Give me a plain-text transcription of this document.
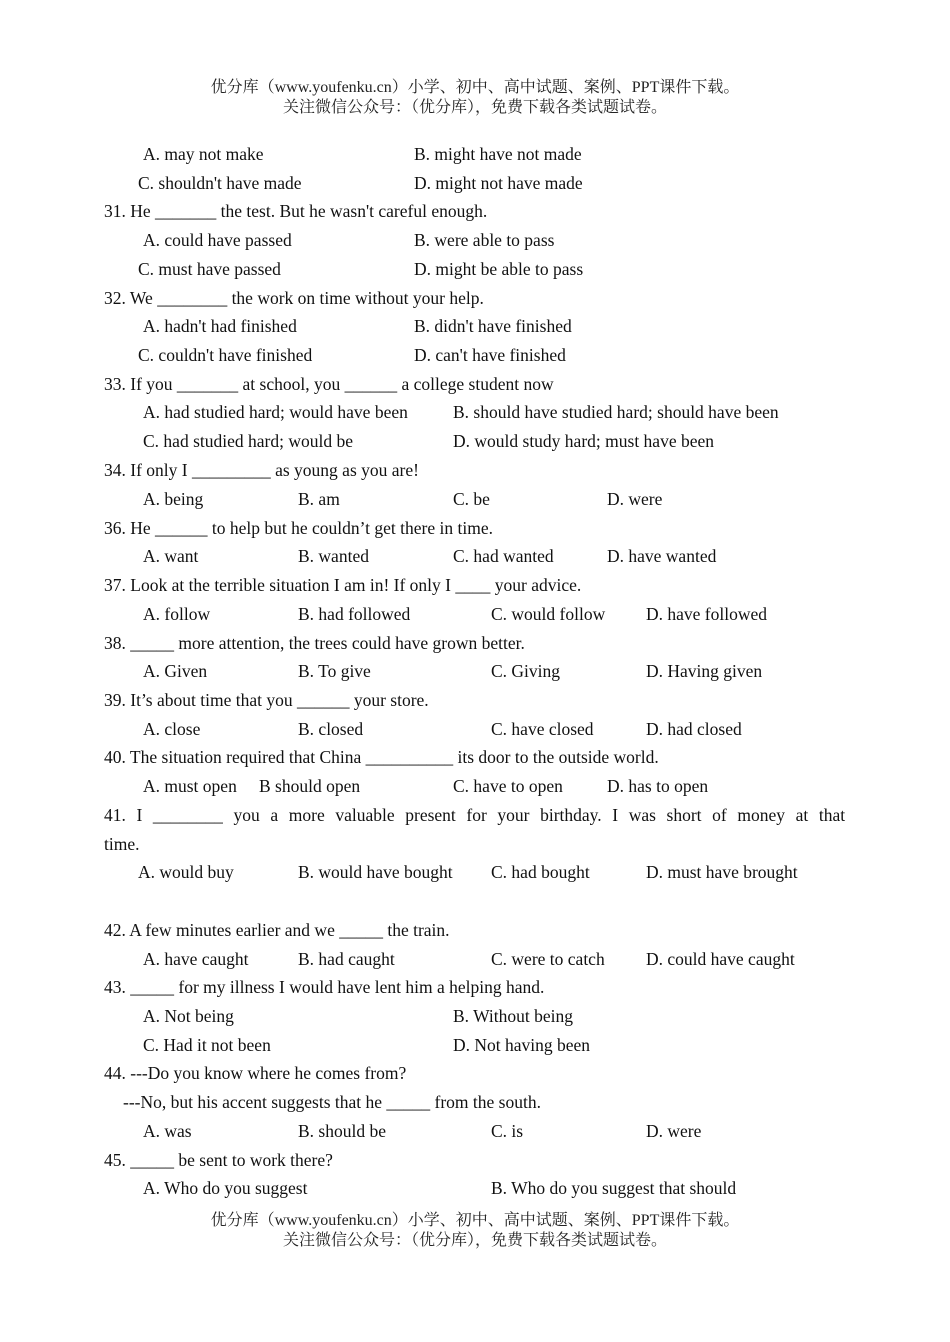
优分库（www.youfenku.cn）小学、初中、高中试题、案例、PPT课件下载。
关注微信公众号：（优分库），免费下载各类试题试卷。
A. may not make	B. might have not made
C. shouldn't have made	D. might not have made
31. He _______ the test. But he wasn't careful enough.
A. could have passed	B. were able to pass
C. must have passed	D. might be able to pass
32. We ________ the work on time without your help.
A. hadn't had finished	B. didn't have finished
C. couldn't have finished	D. can't have finished
33. If you _______ at school, you ______ a college student now
A. had studied hard; would have been	B. should have studied hard; should have been
C. had studied hard; would be	D. would study hard; must have been
34. If only I _________ as young as you are!
A. being	B. am	C. be	D. were
36. He ______ to help but he couldn’t get there in time.
A. want	B. wanted	C. had wanted	D. have wanted
37. Look at the terrible situation I am in! If only I ____ your advice.
A. follow	B. had followed	C. would follow D. have followed
38. _____ more attention, the trees could have grown better.
A. Given	B. To give	C. Giving	D. Having given
39. It’s about time that you ______ your store.
A. close	B. closed	C. have closed	D. had closed
40. The situation required that China __________ its door to the outside world.
A. must open B should open	C. have to open	D. has to open
41. I ________ you a more valuable present for your birthday. I was short of money at that
time.
A. would buy	B. would have bought C. had bought	D. must have brought
42. A few minutes earlier and we _____ the train.
A. have caught	B. had caught	C. were to catch D. could have caught
43. _____ for my illness I would have lent him a helping hand.
A. Not being	B. Without being
C. Had it not been	D. Not having been
44. ---Do you know where he comes from?
---No, but his accent suggests that he _____ from the south.
A. was	B. should be	C. is	D. were
45. _____ be sent to work there?
A. Who do you suggest	B. Who do you suggest that should
优分库（www.youfenku.cn）小学、初中、高中试题、案例、PPT课件下载。
关注微信公众号：（优分库），免费下载各类试题试卷。
